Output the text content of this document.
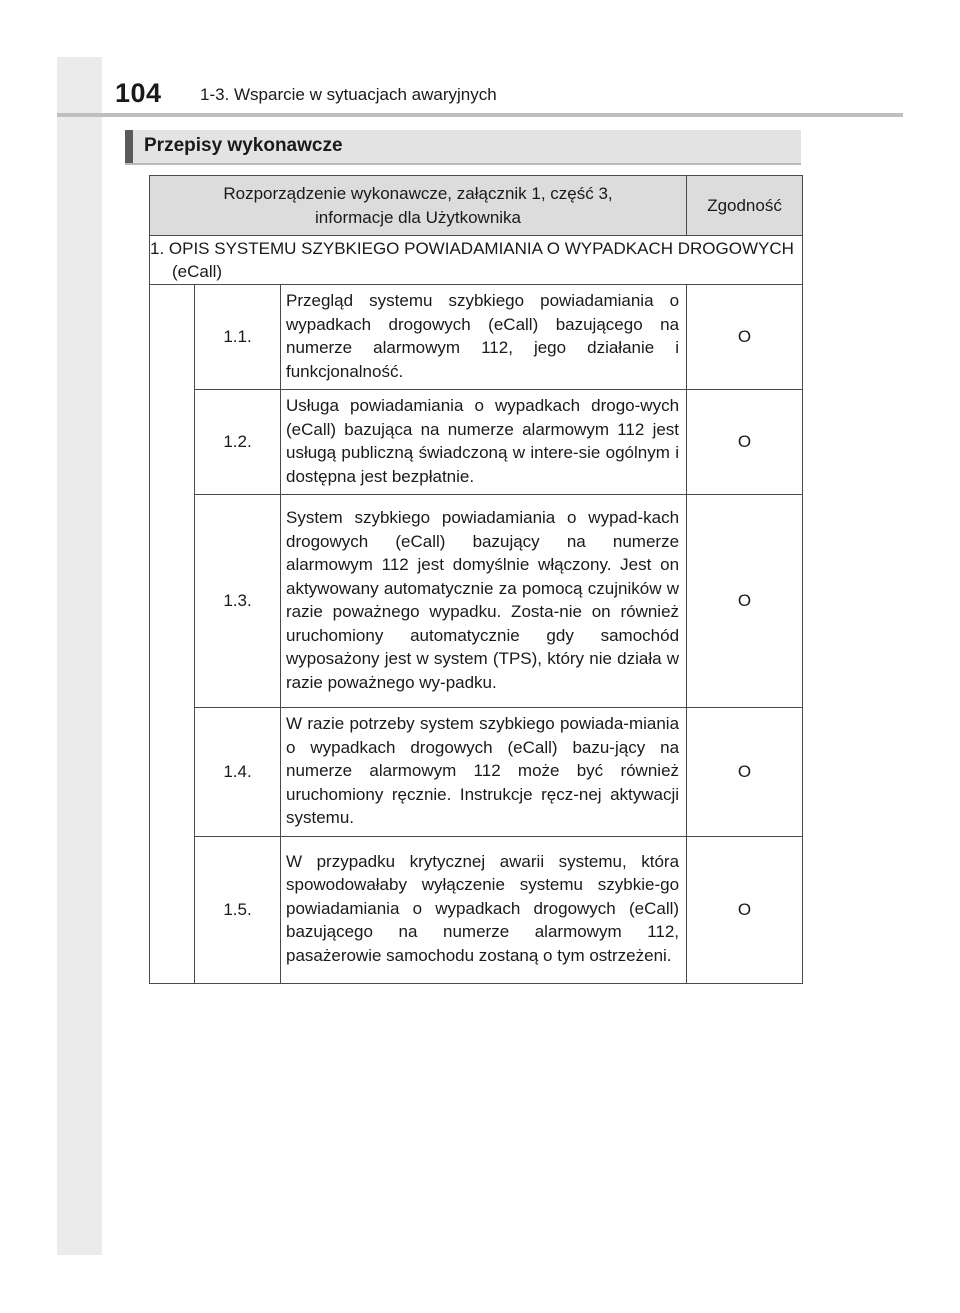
104 1-3. Wsparcie w sytuacjach awaryjnych
Przepisy wykonawcze
Rozporządzenie wykonawcze, załącznik 1, część 3, informacje dla Użytkownika			Zgodność

1. OPIS SYSTEMU SZYBKIEGO POWIADAMIANIA O WYPADKACH DROGOWYCH (eCall)			

	1.1.	Przegląd systemu szybkiego powiadamiania o wypadkach drogowych (eCall) bazującego na numerze alarmowym 112, jego działanie i funkcjonalność.	O
	1.2.	Usługa powiadamiania o wypadkach drogo-wych (eCall) bazująca na numerze alarmowym 112 jest usługą publiczną świadczoną w intere-sie ogólnym i dostępna jest bezpłatnie.	O
	1.3.	System szybkiego powiadamiania o wypad-kach drogowych (eCall) bazujący na numerze alarmowym 112 jest domyślnie włączony. Jest on aktywowany automatycznie za pomocą czujników w razie poważnego wypadku. Zosta-nie on również uruchomiony automatycznie gdy samochód wyposażony jest w system (TPS), który nie działa w razie poważnego wy-padku.	O
	1.4.	W razie potrzeby system szybkiego powiada-miania o wypadkach drogowych (eCall) bazu-jący na numerze alarmowym 112 może być również uruchomiony ręcznie. Instrukcje ręcz-nej aktywacji systemu.	O
	1.5.	W przypadku krytycznej awarii systemu, która spowodowałaby wyłączenie systemu szybkie-go powiadamiania o wypadkach drogowych (eCall) bazującego na numerze alarmowym 112, pasażerowie samochodu zostaną o tym ostrzeżeni.	O
